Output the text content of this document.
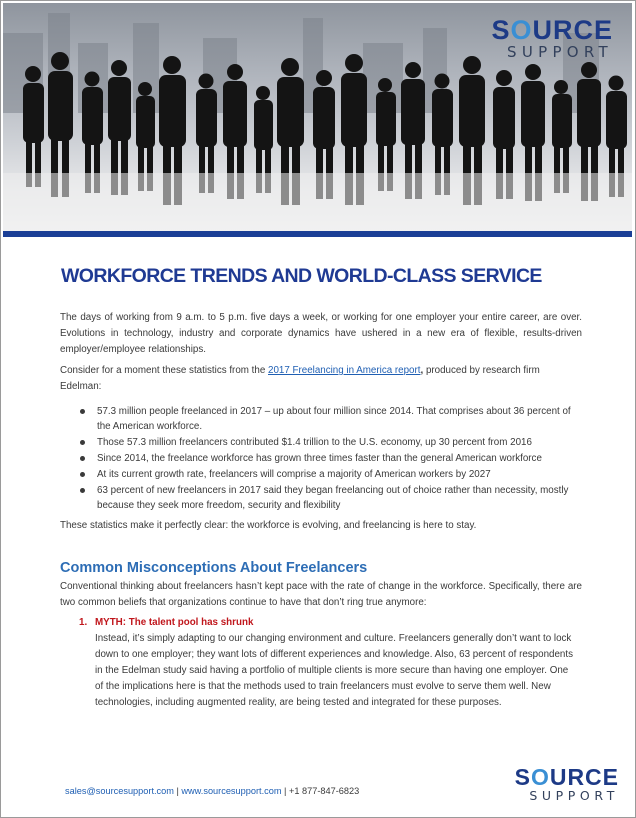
SOURCE
SUPPORT
WORKFORCE TRENDS AND WORLD-CLASS SERVICE

The days of working from 9 a.m. to 5 p.m. five days a week, or working for one employer your entire career, are over. Evolutions in technology, industry and corporate dynamics have ushered in a new era of flexible, results-driven employer/employee relationships.

Consider for a moment these statistics from the 2017 Freelancing in America report, produced by research firm Edelman:

57.3 million people freelanced in 2017 – up about four million since 2014. That comprises about 36 percent of the American workforce.
Those 57.3 million freelancers contributed $1.4 trillion to the U.S. economy, up 30 percent from 2016
Since 2014, the freelance workforce has grown three times faster than the general American workforce
At its current growth rate, freelancers will comprise a majority of American workers by 2027
63 percent of new freelancers in 2017 said they began freelancing out of choice rather than necessity, mostly because they seek more freedom, security and flexibility

These statistics make it perfectly clear: the workforce is evolving, and freelancing is here to stay.

Common Misconceptions About Freelancers

Conventional thinking about freelancers hasn’t kept pace with the rate of change in the workforce. Specifically, there are two common beliefs that organizations continue to have that don’t ring true anymore:

1. MYTH: The talent pool has shrunk
Instead, it’s simply adapting to our changing environment and culture. Freelancers generally don’t want to lock down to one employer; they want lots of different experiences and knowledge. Also, 63 percent of respondents in the Edelman study said having a portfolio of multiple clients is more secure than having one employer. One of the implications here is that the methods used to train freelancers must evolve to serve them well. New technologies, including augmented reality, are being tested and integrated for these purposes.
sales@sourcesupport.com | www.sourcesupport.com | +1 877-847-6823
SOURCE
SUPPORT
